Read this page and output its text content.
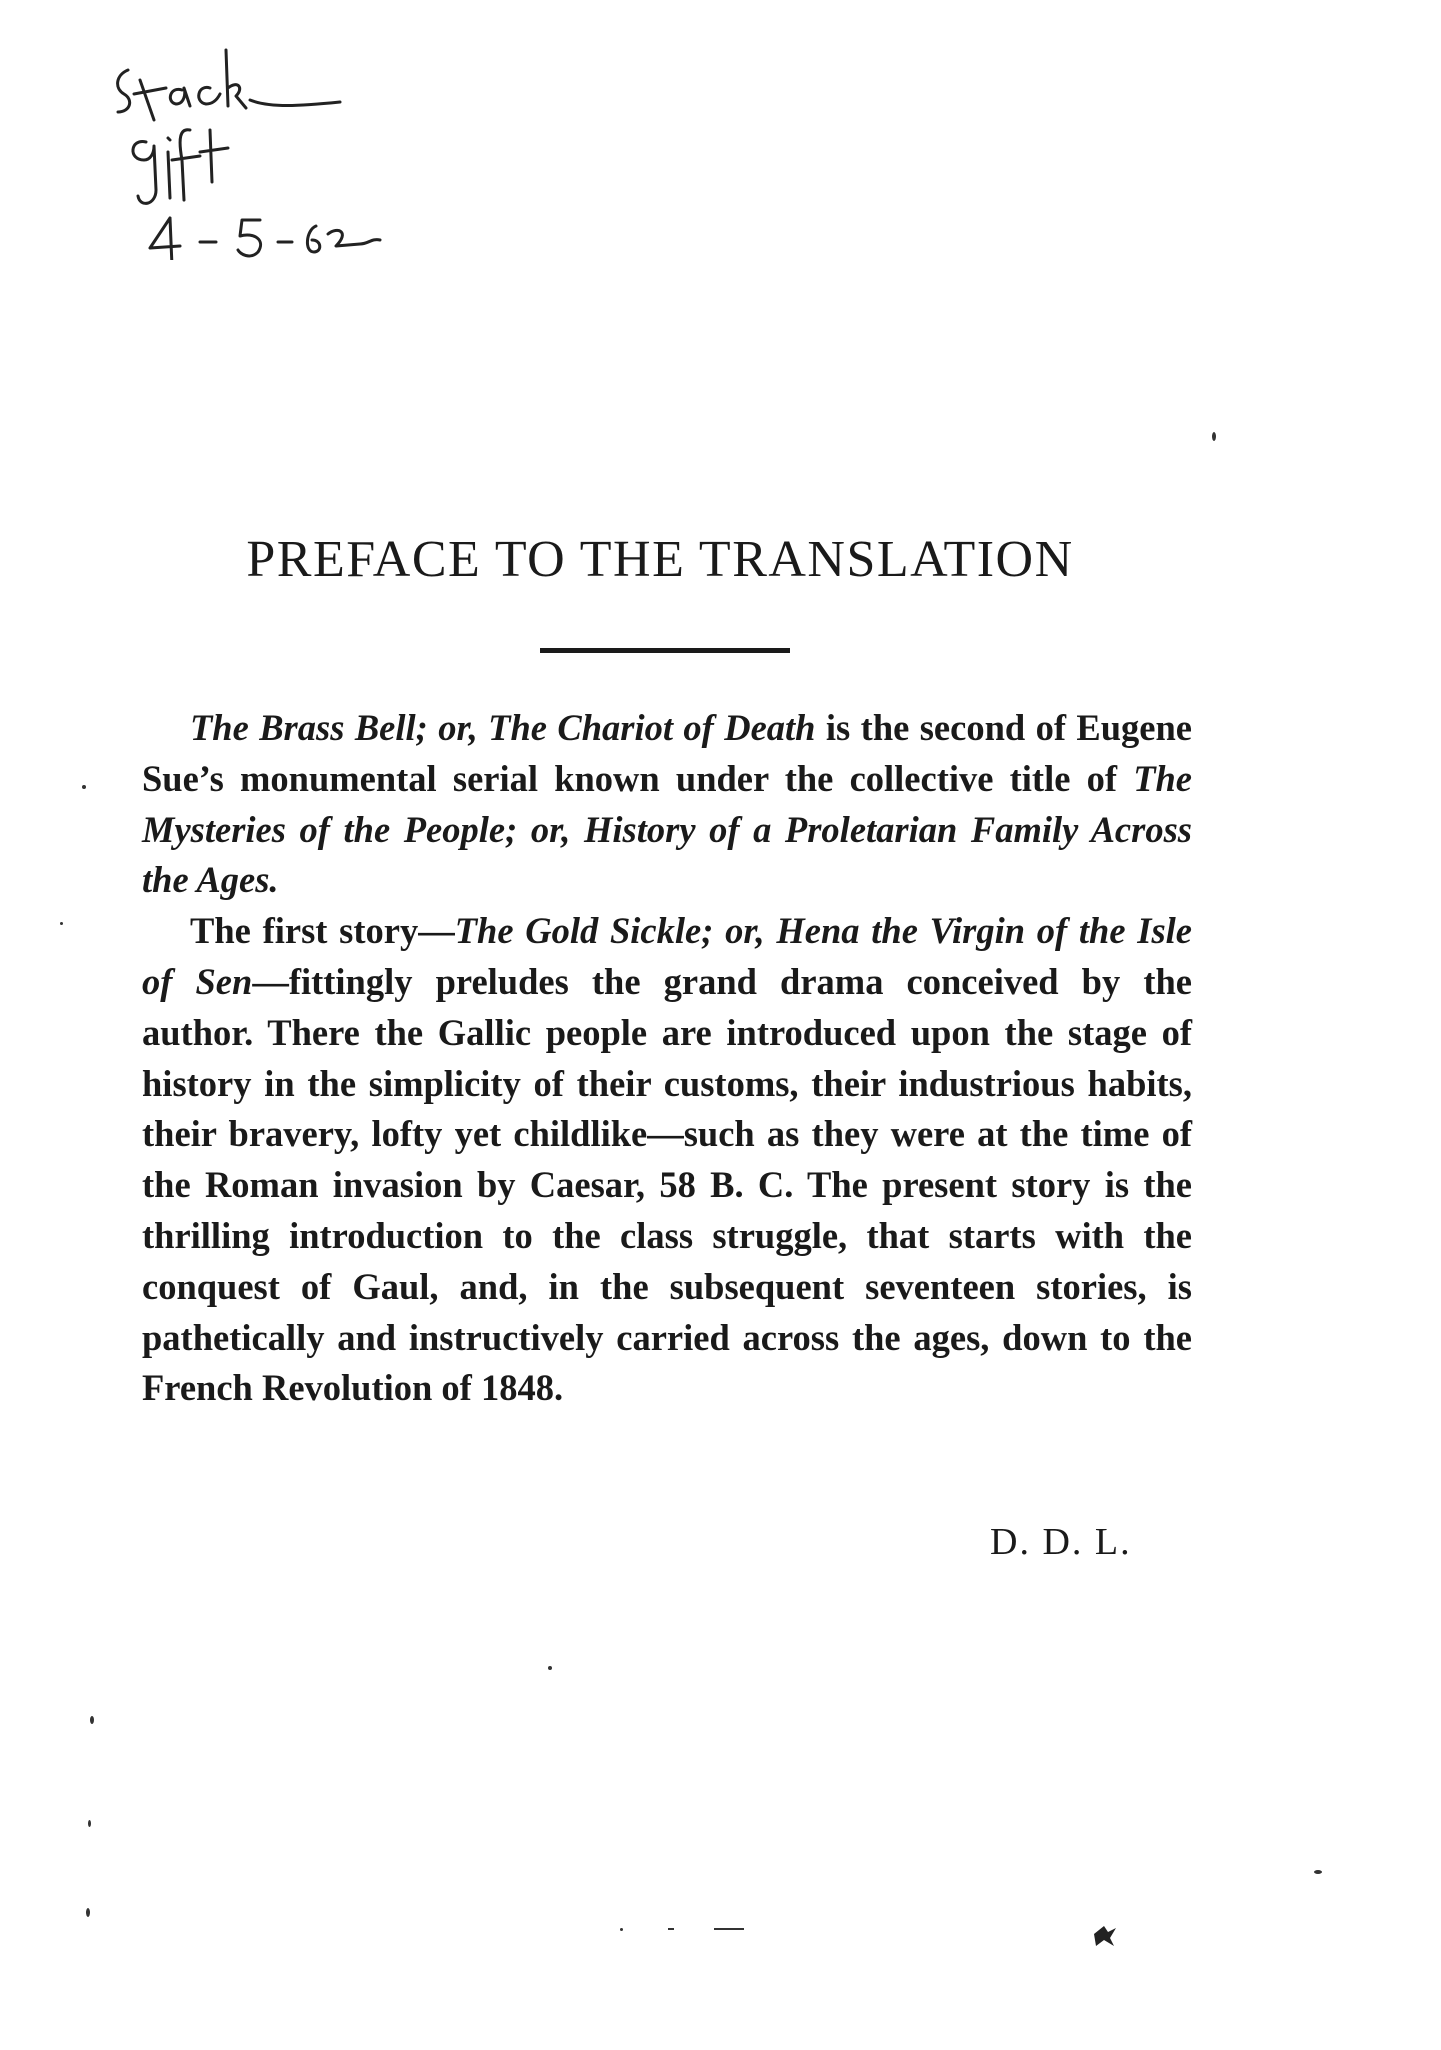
PREFACE TO THE TRANSLATION

The Brass Bell; or, The Chariot of Death is the second of Eugene Sue’s monumental serial known under the collective title of The Mysteries of the People; or, History of a Proletarian Family Across the Ages.

The first story—The Gold Sickle; or, Hena the Virgin of the Isle of Sen—fittingly preludes the grand drama conceived by the author. There the Gallic people are introduced upon the stage of history in the simplicity of their customs, their industrious habits, their bravery, lofty yet childlike—such as they were at the time of the Roman invasion by Caesar, 58 B. C. The present story is the thrilling introduction to the class struggle, that starts with the conquest of Gaul, and, in the subsequent seventeen stories, is pathetically and instructively carried across the ages, down to the French Revolution of 1848.

D. D. L.
